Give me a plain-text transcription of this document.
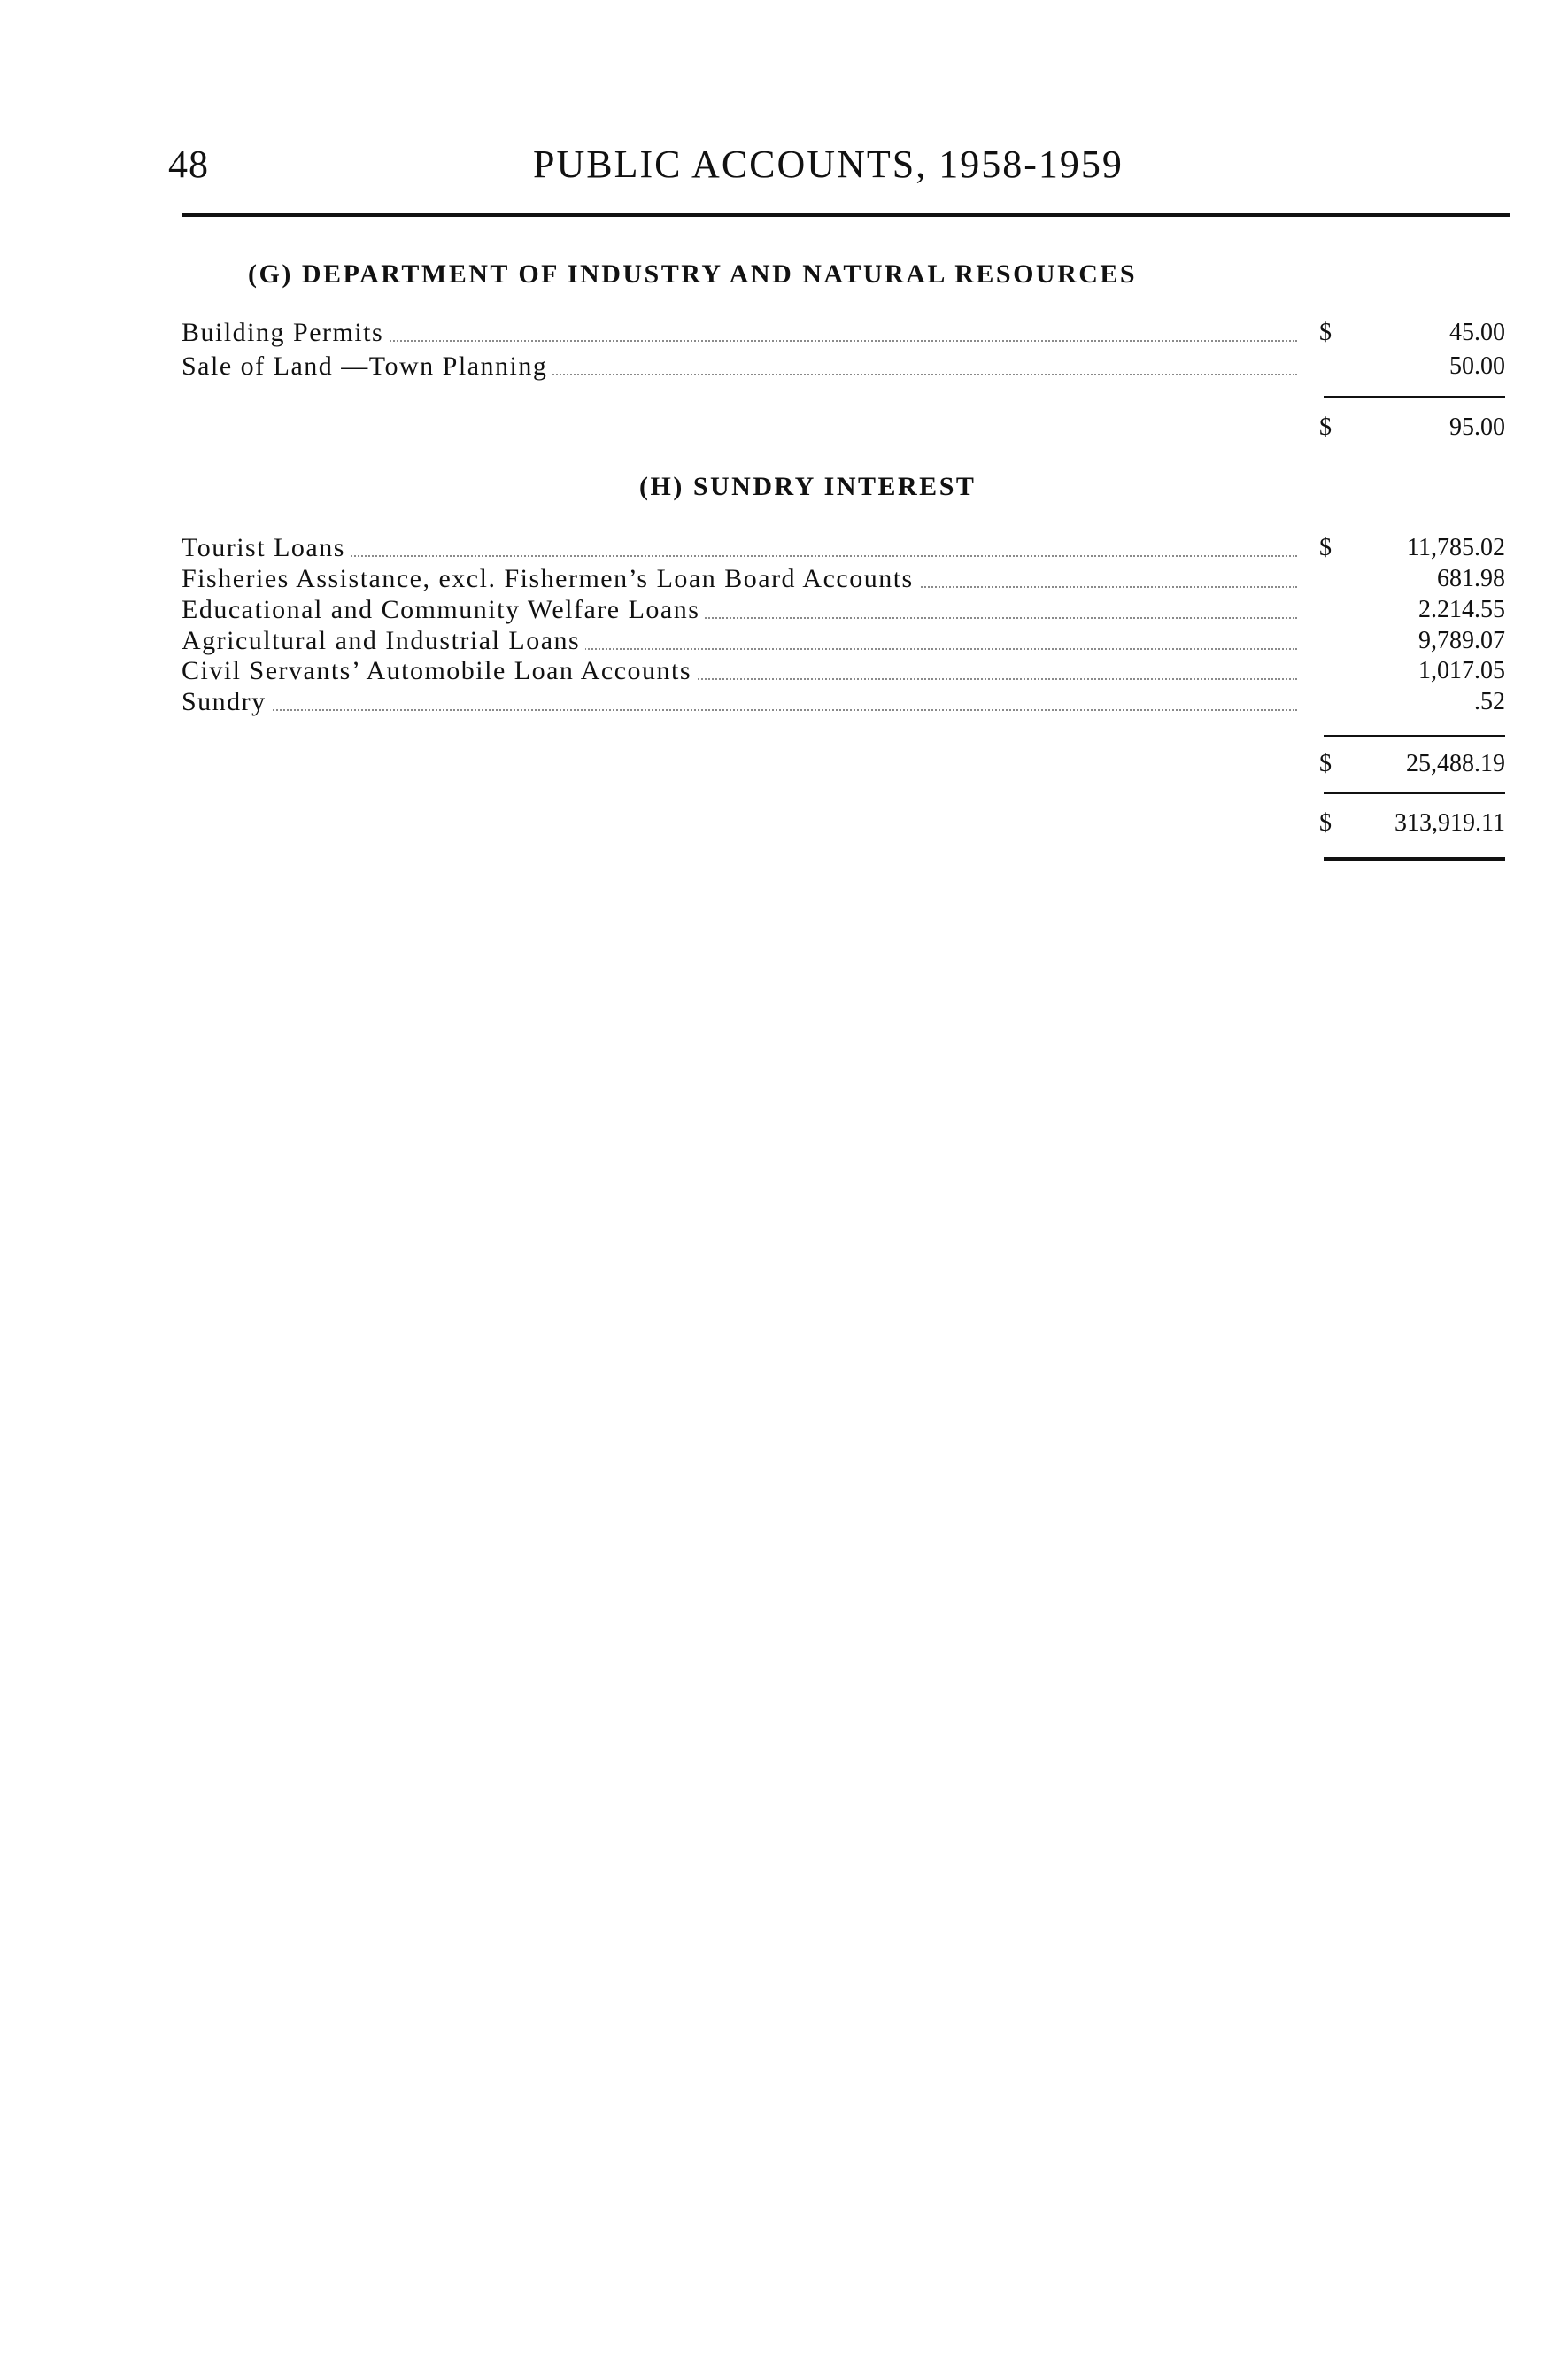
48	PUBLIC ACCOUNTS, 1958-1959
(G) DEPARTMENT OF INDUSTRY AND NATURAL RESOURCES
Building Permits	$	45.00
Sale of Land —Town Planning	50.00
$	95.00
(H) SUNDRY INTEREST
Tourist Loans	$	11,785.02
Fisheries Assistance, excl. Fishermen’s Loan Board Accounts	681.98
Educational and Community Welfare Loans	2.214.55
Agricultural and Industrial Loans	9,789.07
Civil Servants’ Automobile Loan Accounts	1,017.05
Sundry	.52
$	25,488.19
$	313,919.11
